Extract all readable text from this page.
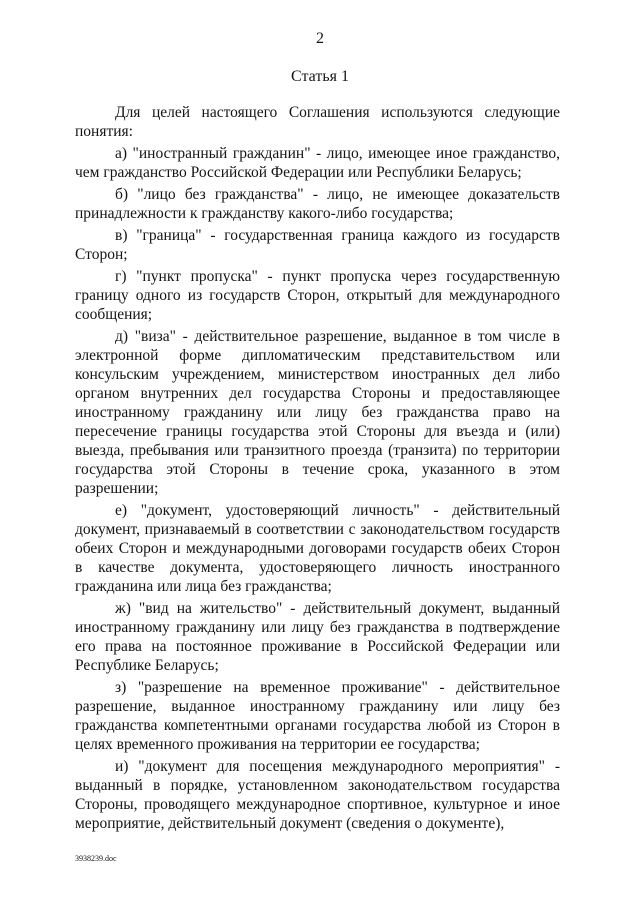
2
Статья 1

Для целей настоящего Соглашения используются следующие понятия:

а) "иностранный гражданин" - лицо, имеющее иное гражданство, чем гражданство Российской Федерации или Республики Беларусь;

б) "лицо без гражданства" - лицо, не имеющее доказательств принадлежности к гражданству какого-либо государства;

в) "граница" - государственная граница каждого из государств Сторон;

г) "пункт пропуска" - пункт пропуска через государственную границу одного из государств Сторон, открытый для международного сообщения;

д) "виза" - действительное разрешение, выданное в том числе в электронной форме дипломатическим представительством или консульским учреждением, министерством иностранных дел либо органом внутренних дел государства Стороны и предоставляющее иностранному гражданину или лицу без гражданства право на пересечение границы государства этой Стороны для въезда и (или) выезда, пребывания или транзитного проезда (транзита) по территории государства этой Стороны в течение срока, указанного в этом разрешении;

е) "документ, удостоверяющий личность" - действительный документ, признаваемый в соответствии с законодательством государств обеих Сторон и международными договорами государств обеих Сторон в качестве документа, удостоверяющего личность иностранного гражданина или лица без гражданства;

ж) "вид на жительство" - действительный документ, выданный иностранному гражданину или лицу без гражданства в подтверждение его права на постоянное проживание в Российской Федерации или Республике Беларусь;

з) "разрешение на временное проживание" - действительное разрешение, выданное иностранному гражданину или лицу без гражданства компетентными органами государства любой из Сторон в целях временного проживания на территории ее государства;

и) "документ для посещения международного мероприятия" - выданный в порядке, установленном законодательством государства Стороны, проводящего международное спортивное, культурное и иное мероприятие, действительный документ (сведения о документе),

3938239.doc
